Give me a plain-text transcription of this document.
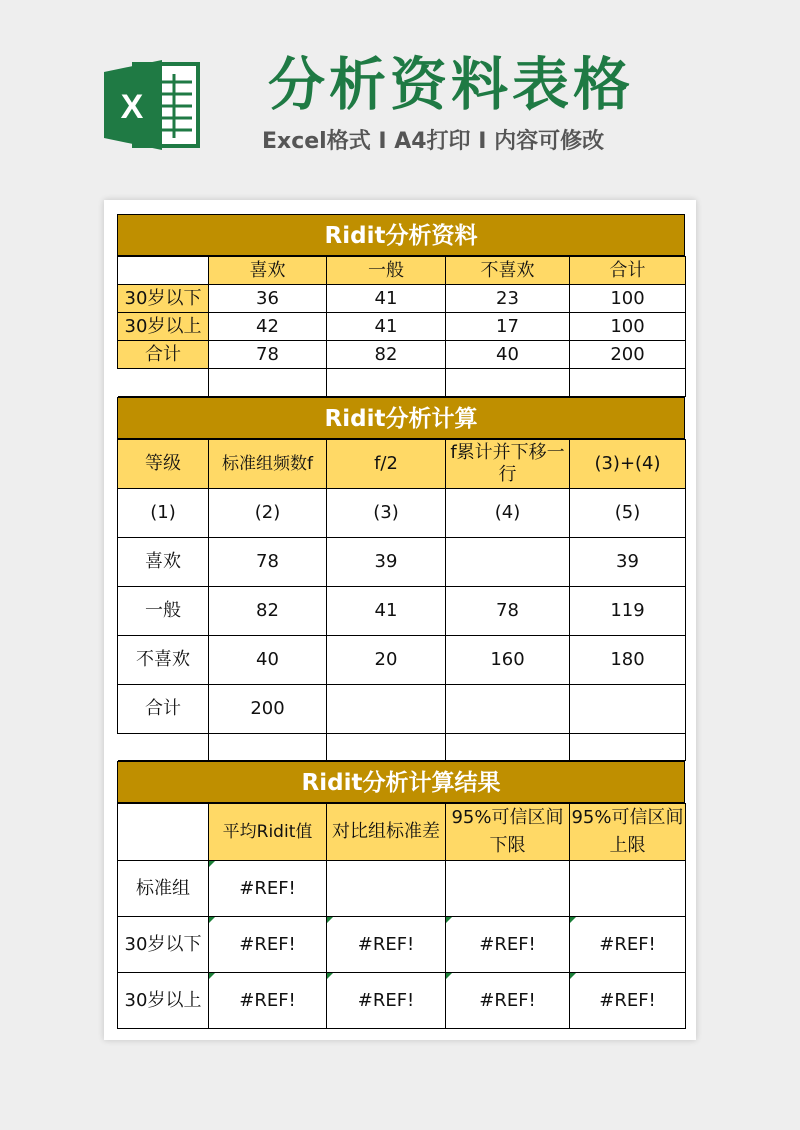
X 分析资料表格
Excel格式 I A4打印 I 内容可修改
Ridit分析资料
	喜欢	一般	不喜欢	合计
30岁以下	36	41	23	100
30岁以上	42	41	17	100
合计	78	82	40	200

Ridit分析计算
等级	标准组频数f	f/2	f累计并下移一行	(3)+(4)
(1)	(2)	(3)	(4)	(5)
喜欢	78	39		39
一般	82	41	78	119
不喜欢	40	20	160	180
合计	200			

Ridit分析计算结果
	平均Ridit值	对比组标准差	95%可信区间下限	95%可信区间上限
标准组	#REF!			
30岁以下	#REF!	#REF!	#REF!	#REF!
30岁以上	#REF!	#REF!	#REF!	#REF!
